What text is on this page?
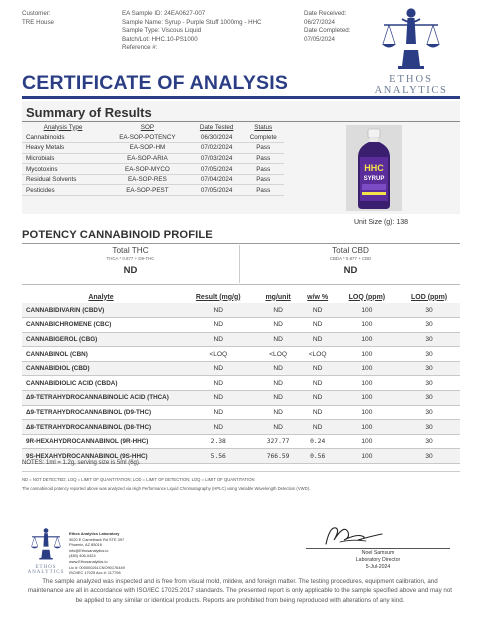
Customer:
TRE House
EA Sample ID: 24EA0627-007
Sample Name: Syrup - Purple Stuff 1000mg - HHC
Sample Type: Viscous Liquid
Batch/Lot: HHC.10-PS1000
Reference #:
Date Received:
06/27/2024
Date Completed:
07/05/2024
ETHOS
ANALYTICS
CERTIFICATE OF ANALYSIS
Summary of Results
Analysis Type	SOP	Date Tested	Status
Cannabinoids	EA-SOP-POTENCY	06/30/2024	Complete
Heavy Metals	EA-SOP-HM	07/02/2024	Pass
Microbials	EA-SOP-ARIA	07/03/2024	Pass
Mycotoxins	EA-SOP-MYCO	07/05/2024	Pass
Residual Solvents	EA-SOP-RES	07/04/2024	Pass
Pesticides	EA-SOP-PEST	07/05/2024	Pass
HHC
SYRUP
Unit Size (g): 138
POTENCY CANNABINOID PROFILE
Total THC
THCA * 0.877 + D9-THC
ND
Total CBD
CBDA * 0.877 + CBD
ND
Analyte	Result (mg/g)	mg/unit	w/w %	LOQ (ppm)	LOD (ppm)
CANNABIDIVARIN (CBDV)	ND	ND	ND	100	30
CANNABICHROMENE (CBC)	ND	ND	ND	100	30
CANNABIGEROL (CBG)	ND	ND	ND	100	30
CANNABINOL (CBN)	<LOQ	<LOQ	<LOQ	100	30
CANNABIDIOL (CBD)	ND	ND	ND	100	30
CANNABIDIOLIC ACID (CBDA)	ND	ND	ND	100	30
Δ9-TETRAHYDROCANNABINOLIC ACID (THCA)	ND	ND	ND	100	30
Δ9-TETRAHYDROCANNABINOL (D9-THC)	ND	ND	ND	100	30
Δ8-TETRAHYDROCANNABINOL (D8-THC)	ND	ND	ND	100	30
9R-HEXAHYDROCANNABINOL (9R-HHC)	2.38	327.77	0.24	100	30
9S-HEXAHYDROCANNABINOL (9S-HHC)	5.56	766.59	0.56	100	30
NOTES: 1ml = 1.2g, serving size is 5ml (6g).
ND = NOT DETECTED; LOQ = LIMIT OF QUANTITATION; LOD = LIMIT OF DETECTION; LOQ = LIMIT OF QUANTITATION
The cannabinoid potency reported above was analyzed via High Performance Liquid Chromatography (HPLC) using Variable Wavelength Detection (VWD).
ETHOS
ANALYTICS
Ethos Analytics Laboratory
3020 E Camelback Rd STE 397
Phoenix, AZ 85016
info@Ethosanalytics.io
(480) 406-0424
www.Ethosanalytics.io
Lic #: 00000026LCNO90176449
ISO/IEC 17025 Acc #: 117796
Noel Samsum
Laboratory Director
5-Jul-2024
The sample analyzed was inspected and is free from visual mold, mildew, and foreign matter. The testing procedures, equipment calibration, and maintenance are all in accordance with ISO/IEC 17025:2017 standards. The presented report is only applicable to the sample specified above and may not be applied to any similar or identical products. Reports are prohibited from being reproduced with alterations of any kind.
